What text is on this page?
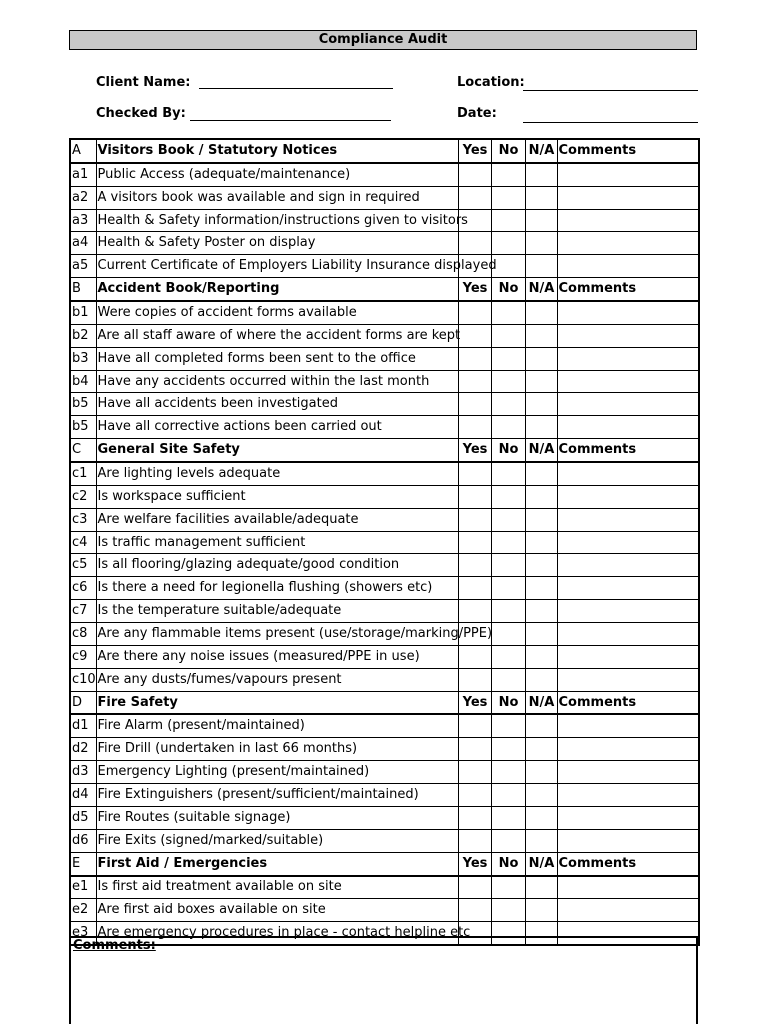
Compliance Audit
Client Name:	Location:
Checked By:	Date:
A	Visitors Book / Statutory Notices	Yes	No	N/A	Comments
a1	Public Access (adequate/maintenance)				
a2	A visitors book was available and sign in required				
a3	Health & Safety information/instructions given to visitors				
a4	Health & Safety Poster on display				
a5	Current Certificate of Employers Liability Insurance displayed				
B	Accident Book/Reporting	Yes	No	N/A	Comments
b1	Were copies of accident forms available				
b2	Are all staff aware of where the accident forms are kept				
b3	Have all completed forms been sent to the office				
b4	Have any accidents occurred within the last month				
b5	Have all accidents been investigated				
b5	Have all corrective actions been carried out				
C	General Site Safety	Yes	No	N/A	Comments
c1	Are lighting levels adequate				
c2	Is workspace sufficient				
c3	Are welfare facilities available/adequate				
c4	Is traffic management sufficient				
c5	Is all flooring/glazing adequate/good condition				
c6	Is there a need for legionella flushing (showers etc)				
c7	Is the temperature suitable/adequate				
c8	Are any flammable items present (use/storage/marking/PPE)				
c9	Are there any noise issues (measured/PPE in use)				
c10	Are any dusts/fumes/vapours present				
D	Fire Safety	Yes	No	N/A	Comments
d1	Fire Alarm (present/maintained)				
d2	Fire Drill (undertaken in last 66 months)				
d3	Emergency Lighting (present/maintained)				
d4	Fire Extinguishers (present/sufficient/maintained)				
d5	Fire Routes (suitable signage)				
d6	Fire Exits (signed/marked/suitable)				
E	First Aid / Emergencies	Yes	No	N/A	Comments
e1	Is first aid treatment available on site				
e2	Are first aid boxes available on site				
e3	Are emergency procedures in place - contact helpline etc				
Comments:
